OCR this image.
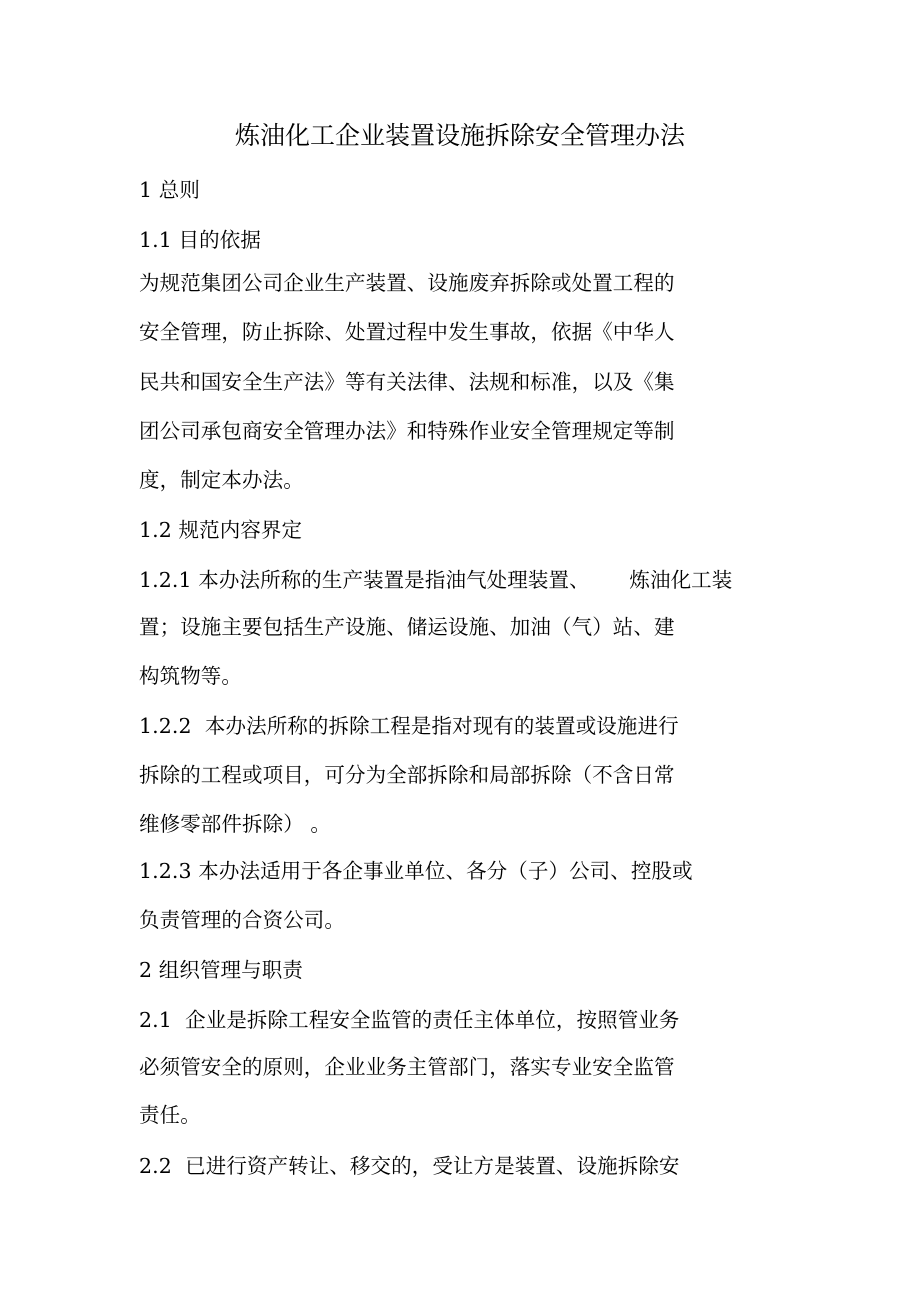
炼油化工企业装置设施拆除安全管理办法
1 总则
1.1 目的依据
为规范集团公司企业生产装置、设施废弃拆除或处置工程的
安全管理，防止拆除、处置过程中发生事故，依据《中华人
民共和国安全生产法》等有关法律、法规和标准，以及《集
团公司承包商安全管理办法》和特殊作业安全管理规定等制
度，制定本办法。
1.2 规范内容界定
1.2.1 本办法所称的生产装置是指油气处理装置、      炼油化工装
置；设施主要包括生产设施、储运设施、加油（气）站、建
构筑物等。
1.2.2  本办法所称的拆除工程是指对现有的装置或设施进行
拆除的工程或项目，可分为全部拆除和局部拆除（不含日常
维修零部件拆除） 。
1.2.3 本办法适用于各企事业单位、各分（子）公司、控股或
负责管理的合资公司。
2 组织管理与职责
2.1  企业是拆除工程安全监管的责任主体单位，按照管业务
必须管安全的原则，企业业务主管部门，落实专业安全监管
责任。
2.2  已进行资产转让、移交的，受让方是装置、设施拆除安
